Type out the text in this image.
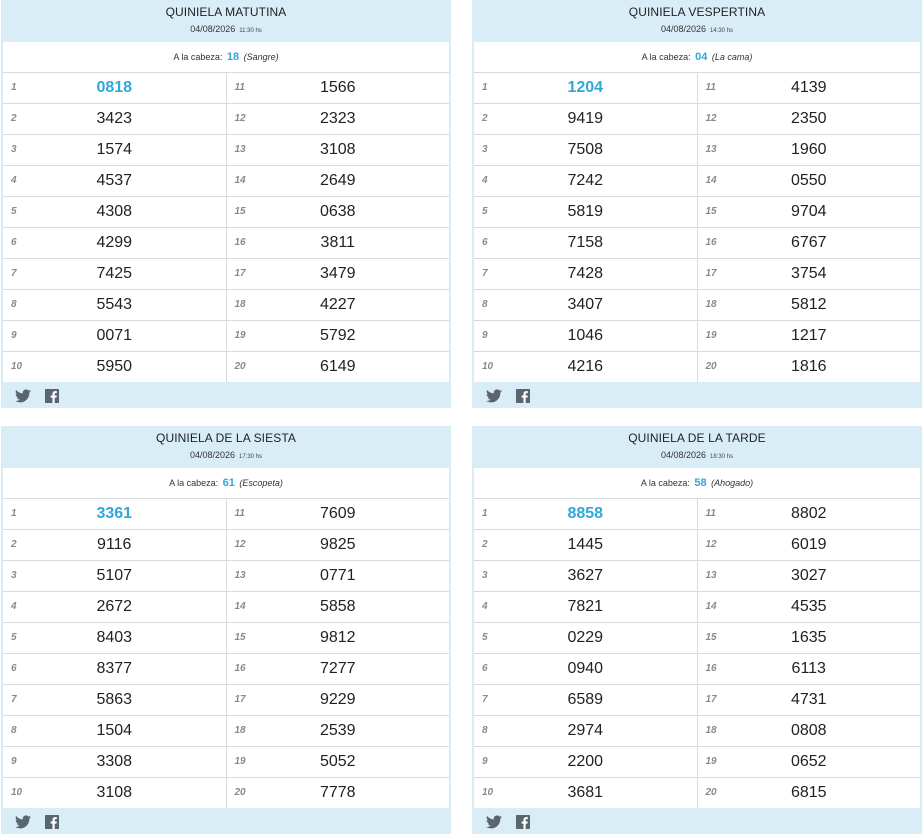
QUINIELA MATUTINA
04/08/2026 11:30 hs
A la cabeza: 18 (Sangre)
1	0818	11	1566
2	3423	12	2323
3	1574	13	3108
4	4537	14	2649
5	4308	15	0638
6	4299	16	3811
7	7425	17	3479
8	5543	18	4227
9	0071	19	5792
10	5950	20	6149
QUINIELA VESPERTINA
04/08/2026 14:30 hs
A la cabeza: 04 (La cama)
1	1204	11	4139
2	9419	12	2350
3	7508	13	1960
4	7242	14	0550
5	5819	15	9704
6	7158	16	6767
7	7428	17	3754
8	3407	18	5812
9	1046	19	1217
10	4216	20	1816
QUINIELA DE LA SIESTA
04/08/2026 17:30 hs
A la cabeza: 61 (Escopeta)
1	3361	11	7609
2	9116	12	9825
3	5107	13	0771
4	2672	14	5858
5	8403	15	9812
6	8377	16	7277
7	5863	17	9229
8	1504	18	2539
9	3308	19	5052
10	3108	20	7778
QUINIELA DE LA TARDE
04/08/2026 18:30 hs
A la cabeza: 58 (Ahogado)
1	8858	11	8802
2	1445	12	6019
3	3627	13	3027
4	7821	14	4535
5	0229	15	1635
6	0940	16	6113
7	6589	17	4731
8	2974	18	0808
9	2200	19	0652
10	3681	20	6815
